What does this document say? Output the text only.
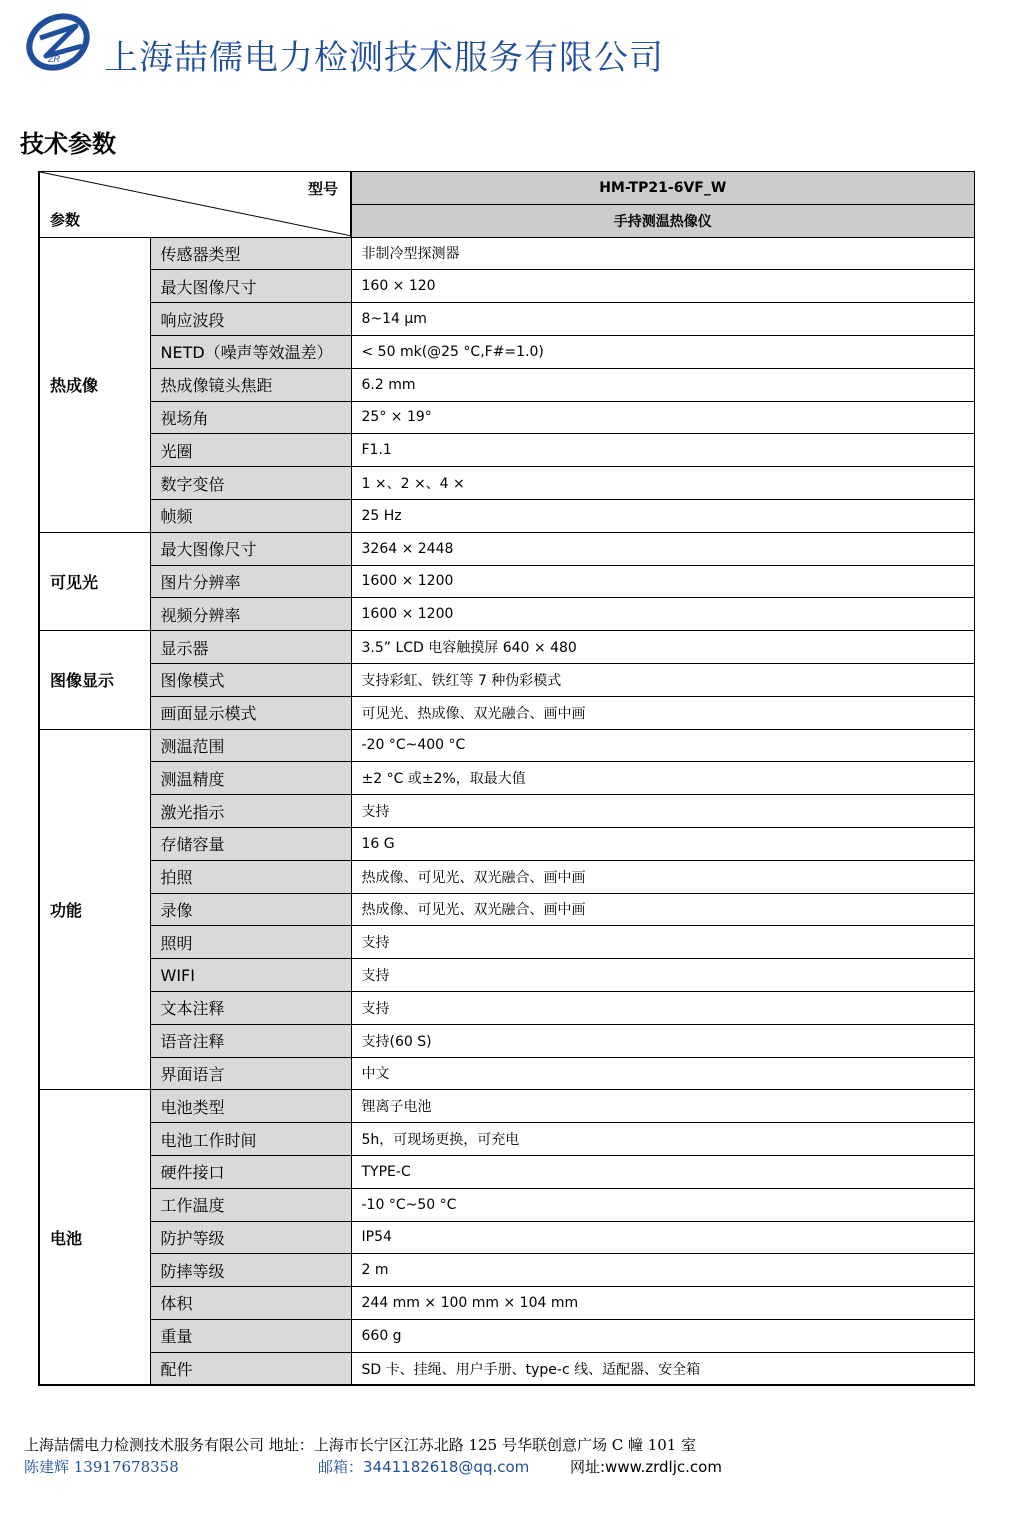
ZR 上海喆儒电力检测技术服务有限公司
技术参数
型号
参数		HM-TP21-6VF_W
		手持测温热像仪
热成像	传感器类型	非制冷型探测器
	最大图像尺寸	160 × 120
	响应波段	8~14 µm
	NETD（噪声等效温差）	< 50 mk(@25 °C,F#=1.0)
	热成像镜头焦距	6.2 mm
	视场角	25° × 19°
	光圈	F1.1
	数字变倍	1 ×、2 ×、4 ×
	帧频	25 Hz
可见光	最大图像尺寸	3264 × 2448
	图片分辨率	1600 × 1200
	视频分辨率	1600 × 1200
图像显示	显示器	3.5” LCD 电容触摸屏 640 × 480
	图像模式	支持彩虹、铁红等 7 种伪彩模式
	画面显示模式	可见光、热成像、双光融合、画中画
功能	测温范围	-20 °C~400 °C
	测温精度	±2 °C 或±2%，取最大值
	激光指示	支持
	存储容量	16 G
	拍照	热成像、可见光、双光融合、画中画
	录像	热成像、可见光、双光融合、画中画
	照明	支持
	WIFI	支持
	文本注释	支持
	语音注释	支持(60 S)
	界面语言	中文
电池	电池类型	锂离子电池
	电池工作时间	5h，可现场更换，可充电
	硬件接口	TYPE-C
	工作温度	-10 °C~50 °C
	防护等级	IP54
	防摔等级	2 m
	体积	244 mm × 100 mm × 104 mm
	重量	660 g
	配件	SD 卡、挂绳、用户手册、type-c 线、适配器、安全箱
上海喆儒电力检测技术服务有限公司 地址：上海市长宁区江苏北路 125 号华联创意广场 C 幢 101 室
陈建辉 13917678358	邮箱：3441182618@qq.com	网址:www.zrdljc.com
